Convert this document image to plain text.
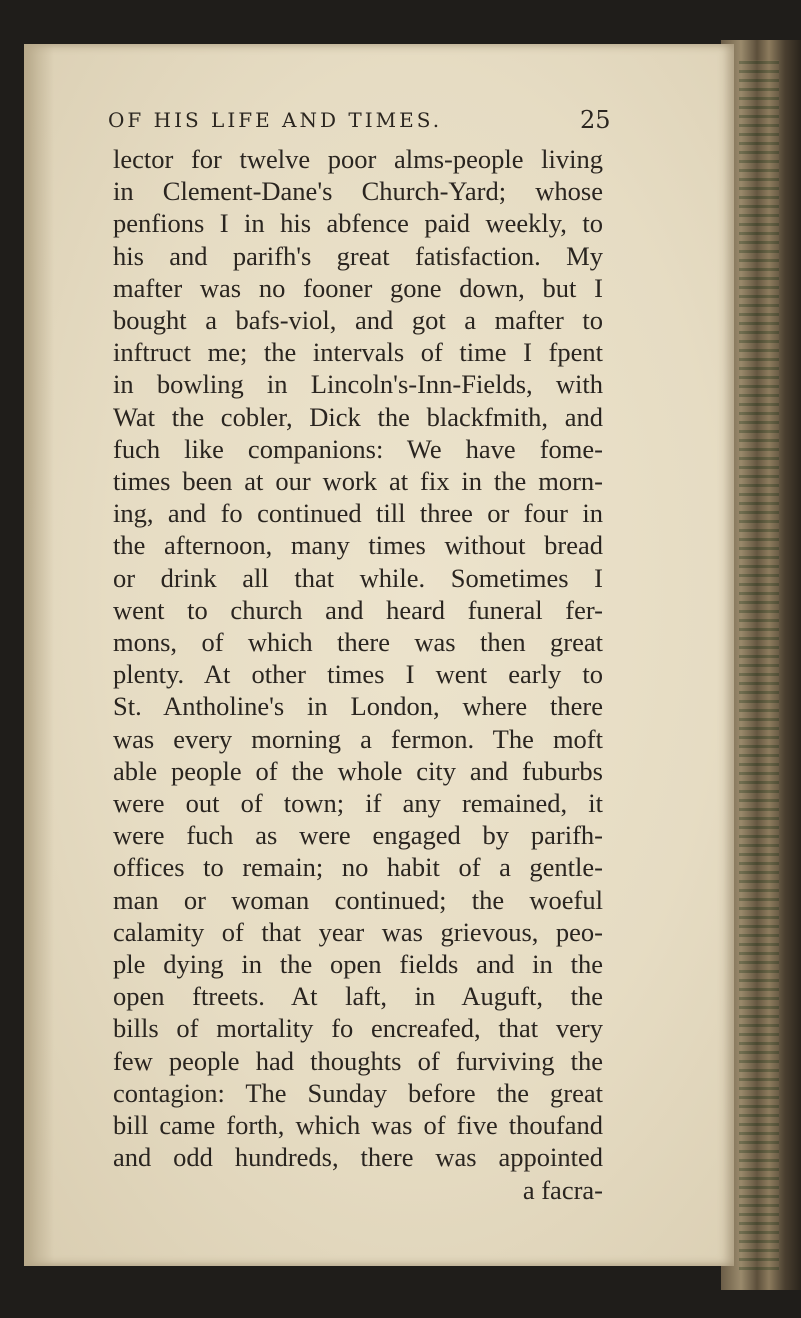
OF HIS LIFE AND TIMES.	25
lector for twelve poor alms-people living
in Clement-Dane's Church-Yard; whose
penfions I in his abfence paid weekly, to
his and parifh's great fatisfaction. My
mafter was no fooner gone down, but I
bought a bafs-viol, and got a mafter to
inftruct me; the intervals of time I fpent
in bowling in Lincoln's-Inn-Fields, with
Wat the cobler, Dick the blackfmith, and
fuch like companions: We have fome-
times been at our work at fix in the morn-
ing, and fo continued till three or four in
the afternoon, many times without bread
or drink all that while. Sometimes I
went to church and heard funeral fer-
mons, of which there was then great
plenty. At other times I went early to
St. Antholine's in London, where there
was every morning a fermon. The moft
able people of the whole city and fuburbs
were out of town; if any remained, it
were fuch as were engaged by parifh-
offices to remain; no habit of a gentle-
man or woman continued; the woeful
calamity of that year was grievous, peo-
ple dying in the open fields and in the
open ftreets. At laft, in Auguft, the
bills of mortality fo encreafed, that very
few people had thoughts of furviving the
contagion: The Sunday before the great
bill came forth, which was of five thoufand
and odd hundreds, there was appointed
a facra-
